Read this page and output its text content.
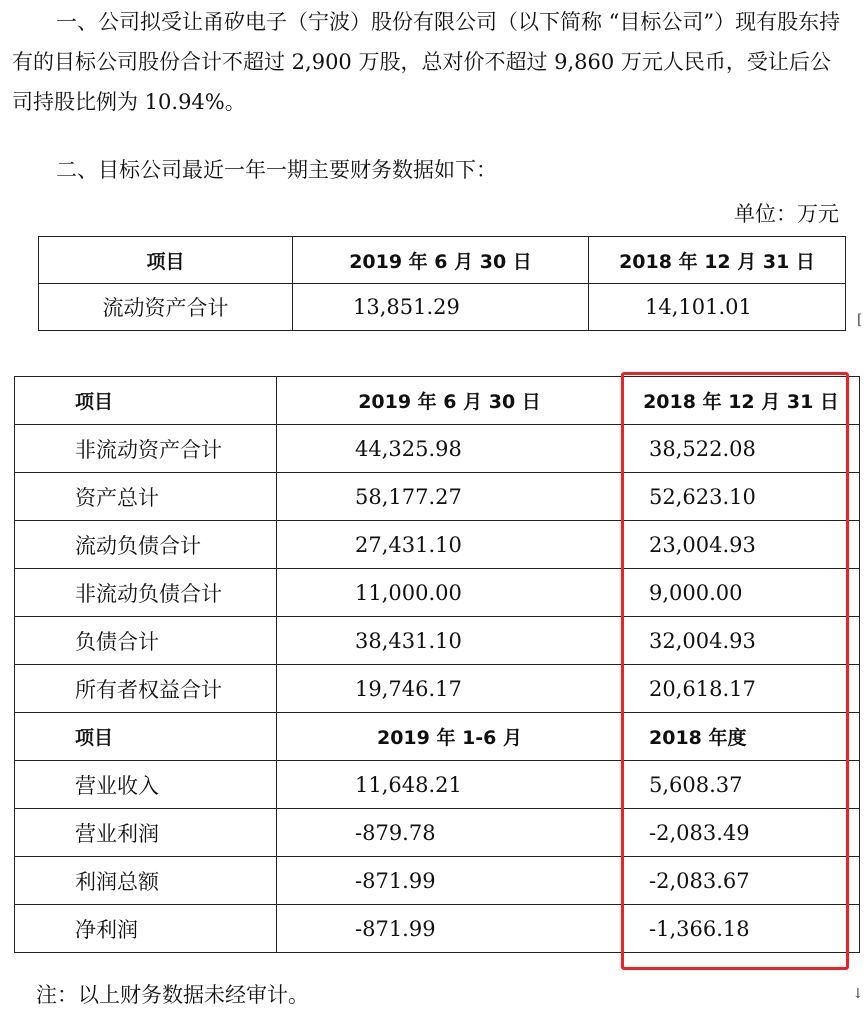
一、公司拟受让甬矽电子（宁波）股份有限公司（以下简称 “目标公司”）现有股东持有的目标公司股份合计不超过 2,900 万股，总对价不超过 9,860 万元人民币，受让后公司持股比例为 10.94%。

二、目标公司最近一年一期主要财务数据如下：

单位：万元
项目	2019 年 6 月 30 日	2018 年 12 月 31 日
流动资产合计	13,851.29	14,101.01
[
项目	2019 年 6 月 30 日	2018 年 12 月 31 日
非流动资产合计	44,325.98	38,522.08
资产总计	58,177.27	52,623.10
流动负债合计	27,431.10	23,004.93
非流动负债合计	11,000.00	9,000.00
负债合计	38,431.10	32,004.93
所有者权益合计	19,746.17	20,618.17
项目	2019 年 1-6 月	2018 年度
营业收入	11,648.21	5,608.37
营业利润	-879.78	-2,083.49
利润总额	-871.99	-2,083.67
净利润	-871.99	-1,366.18
注：以上财务数据未经审计。	↓
